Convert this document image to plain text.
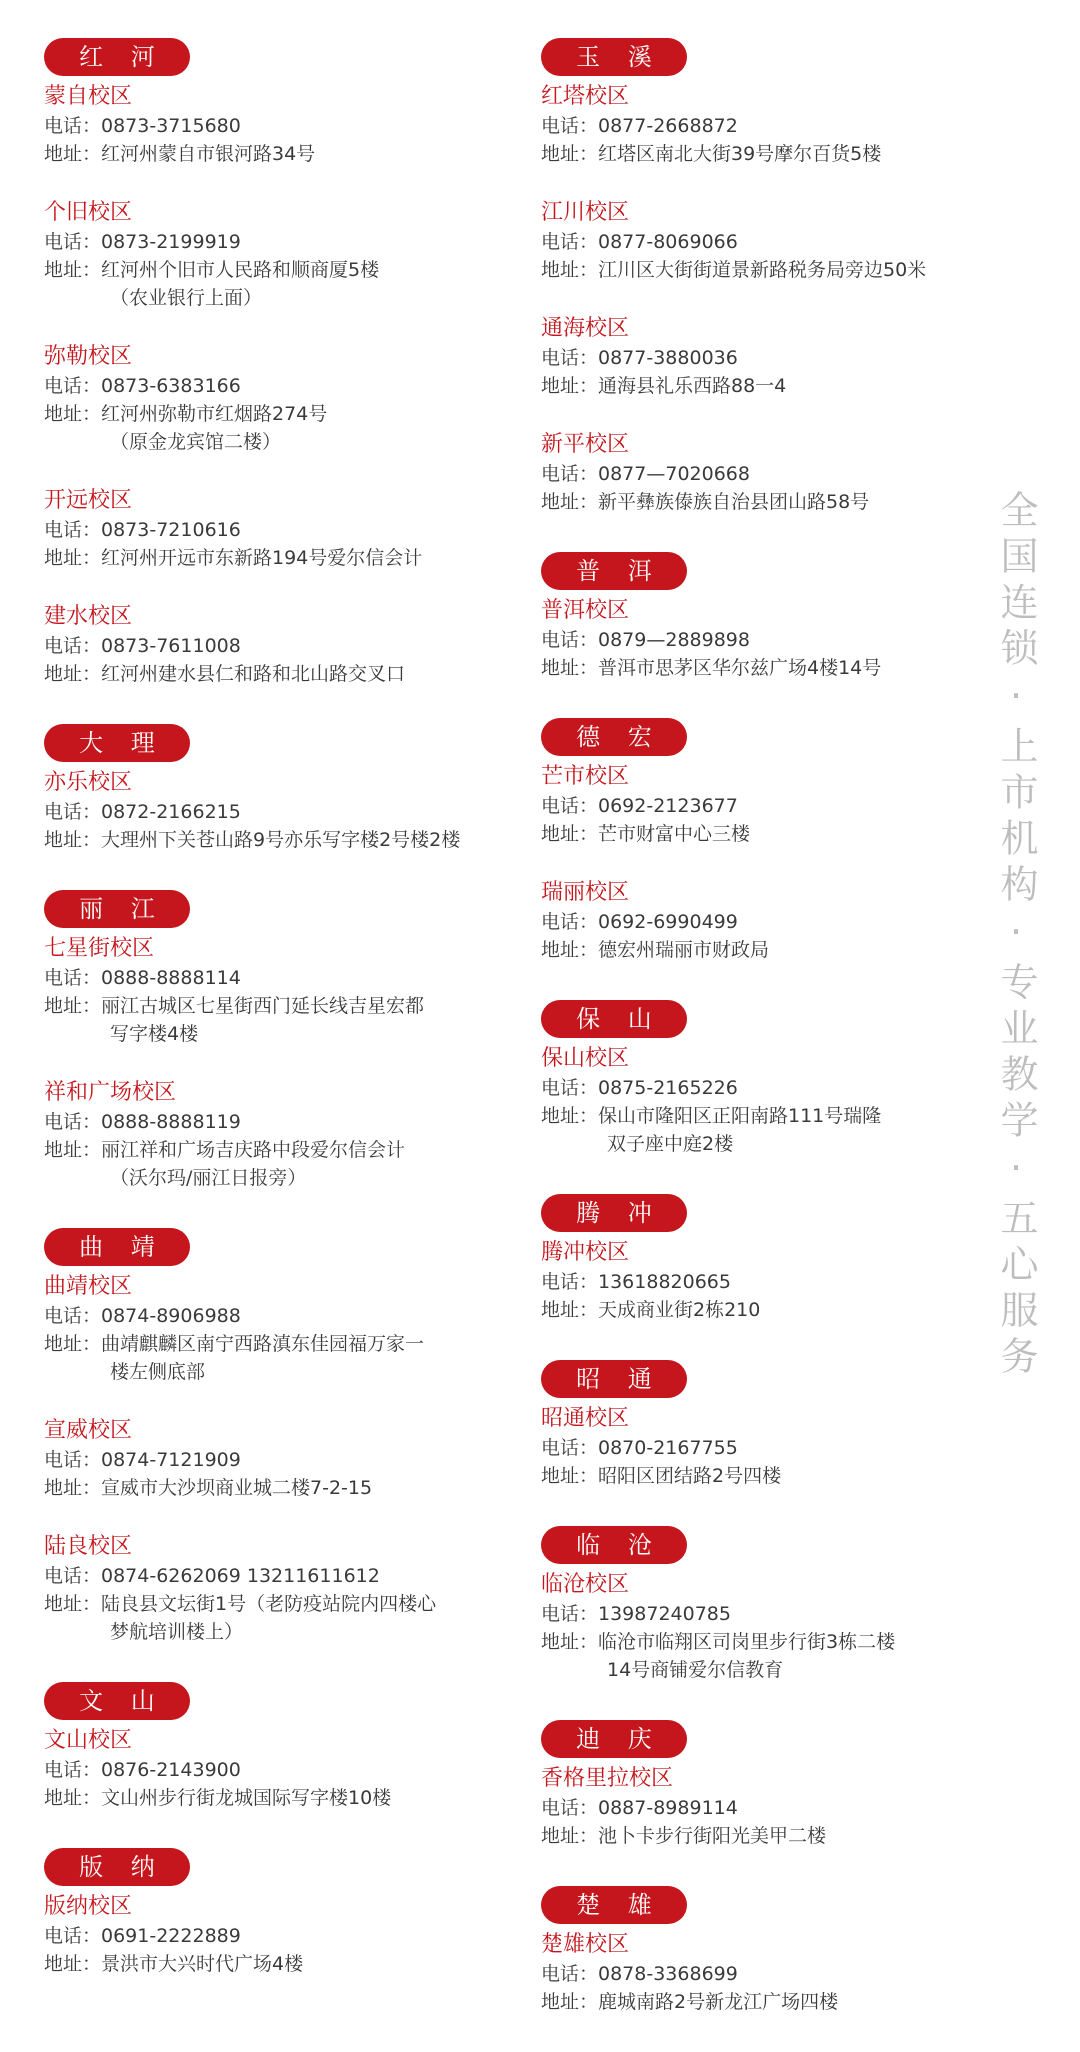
红 河
蒙自校区
电话：0873-3715680
地址：红河州蒙自市银河路34号
个旧校区
电话：0873-2199919
地址：红河州个旧市人民路和顺商厦5楼
（农业银行上面）
弥勒校区
电话：0873-6383166
地址：红河州弥勒市红烟路274号
（原金龙宾馆二楼）
开远校区
电话：0873-7210616
地址：红河州开远市东新路194号爱尔信会计
建水校区
电话：0873-7611008
地址：红河州建水县仁和路和北山路交叉口
大 理
亦乐校区
电话：0872-2166215
地址：大理州下关苍山路9号亦乐写字楼2号楼2楼
丽 江
七星街校区
电话：0888-8888114
地址：丽江古城区七星街西门延长线吉星宏都
写字楼4楼
祥和广场校区
电话：0888-8888119
地址：丽江祥和广场吉庆路中段爱尔信会计
（沃尔玛/丽江日报旁）
曲 靖
曲靖校区
电话：0874-8906988
地址：曲靖麒麟区南宁西路滇东佳园福万家一
楼左侧底部
宣威校区
电话：0874-7121909
地址：宣威市大沙坝商业城二楼7-2-15
陆良校区
电话：0874-6262069 13211611612
地址：陆良县文坛街1号（老防疫站院内四楼心
梦航培训楼上）
文 山
文山校区
电话：0876-2143900
地址：文山州步行街龙城国际写字楼10楼
版 纳
版纳校区
电话：0691-2222889
地址：景洪市大兴时代广场4楼
玉 溪
红塔校区
电话：0877-2668872
地址：红塔区南北大街39号摩尔百货5楼
江川校区
电话：0877-8069066
地址：江川区大街街道景新路税务局旁边50米
通海校区
电话：0877-3880036
地址：通海县礼乐西路88一4
新平校区
电话：0877—7020668
地址：新平彝族傣族自治县团山路58号
普 洱
普洱校区
电话：0879—2889898
地址：普洱市思茅区华尔兹广场4楼14号
德 宏
芒市校区
电话：0692-2123677
地址：芒市财富中心三楼
瑞丽校区
电话：0692-6990499
地址：德宏州瑞丽市财政局
保 山
保山校区
电话：0875-2165226
地址：保山市隆阳区正阳南路111号瑞隆
双子座中庭2楼
腾 冲
腾冲校区
电话：13618820665
地址：天成商业街2栋210
昭 通
昭通校区
电话：0870-2167755
地址：昭阳区团结路2号四楼
临 沧
临沧校区
电话：13987240785
地址：临沧市临翔区司岗里步行街3栋二楼
14号商铺爱尔信教育
迪 庆
香格里拉校区
电话：0887-8989114
地址：池卜卡步行街阳光美甲二楼
楚 雄
楚雄校区
电话：0878-3368699
地址：鹿城南路2号新龙江广场四楼
全国连锁·上市机构·专业教学·五心服务
